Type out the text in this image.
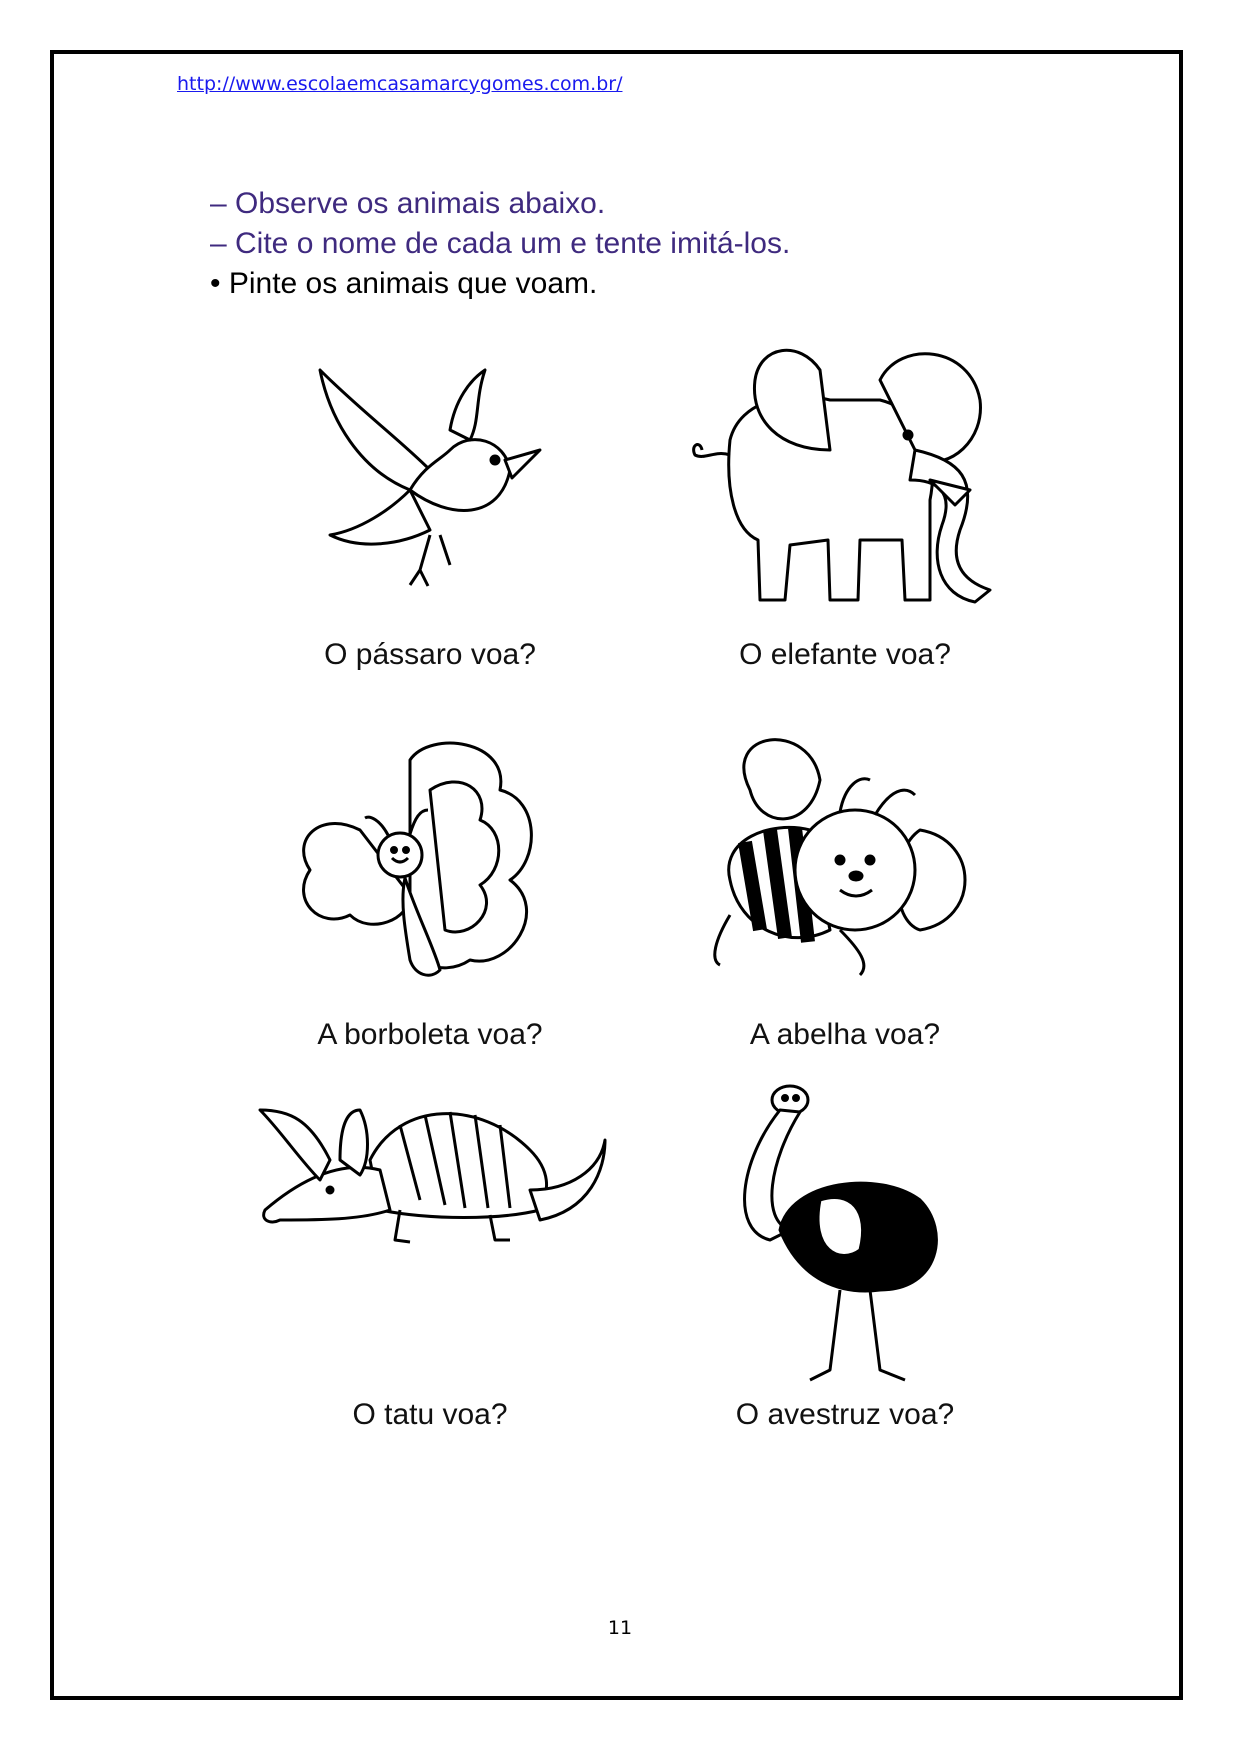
http://www.escolaemcasamarcygomes.com.br/
– Observe os animais abaixo.
– Cite o nome de cada um e tente imitá-los.
• Pinte os animais que voam.
O pássaro voa?	O elefante voa?
A borboleta voa?	A abelha voa?
O tatu voa?	O avestruz voa?
11
